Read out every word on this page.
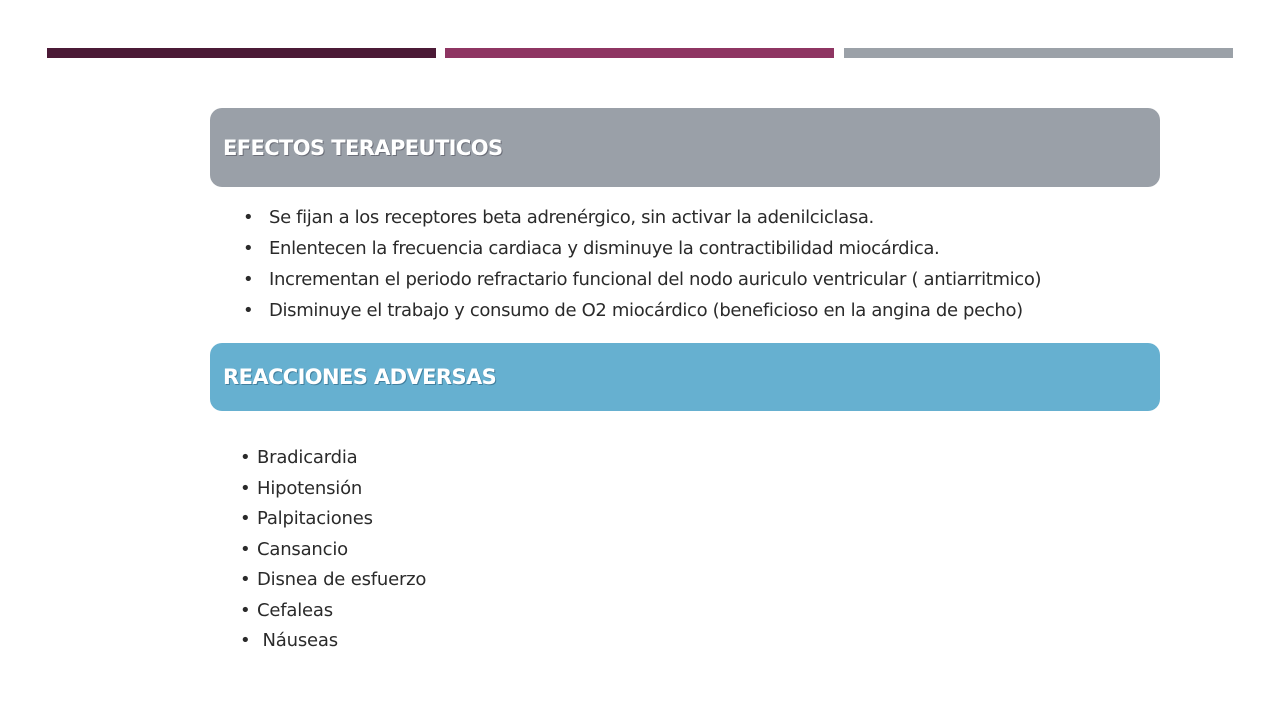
EFECTOS TERAPEUTICOS
• Se fijan a los receptores beta adrenérgico, sin activar la adenilciclasa.
• Enlentecen la frecuencia cardiaca y disminuye la contractibilidad miocárdica.
• Incrementan el periodo refractario funcional del nodo auriculo ventricular ( antiarritmico)
• Disminuye el trabajo y consumo de O2 miocárdico (beneficioso en la angina de pecho)
REACCIONES ADVERSAS
• Bradicardia
• Hipotensión
• Palpitaciones
• Cansancio
• Disnea de esfuerzo
• Cefaleas
• Náuseas
